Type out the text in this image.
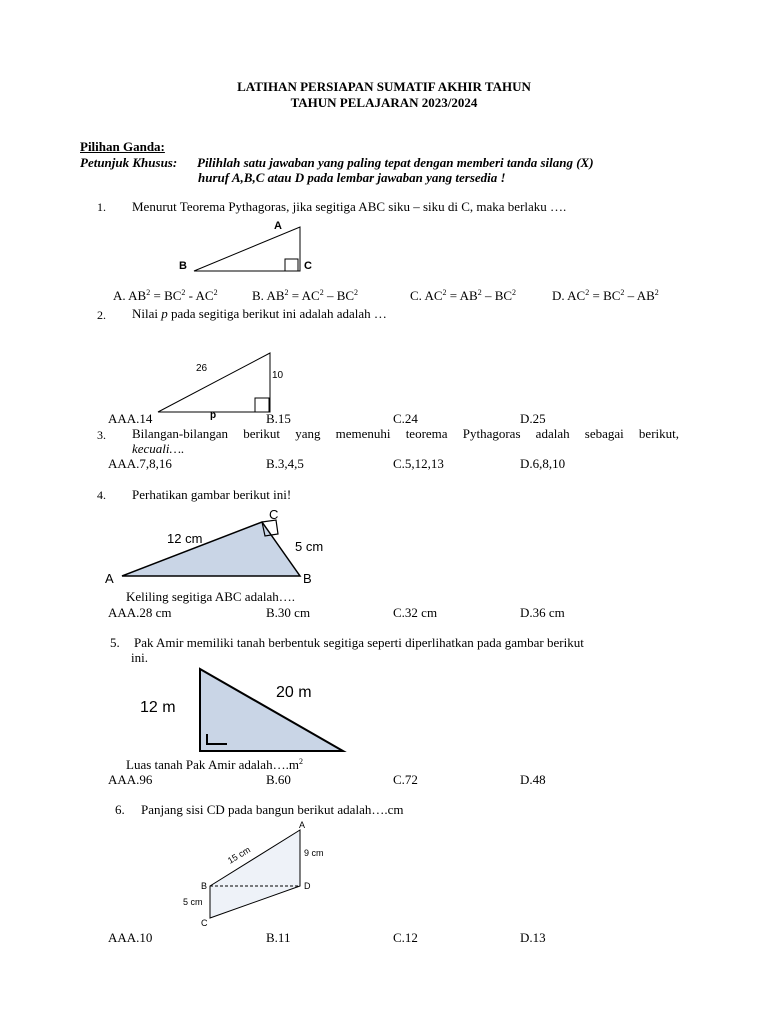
LATIHAN PERSIAPAN SUMATIF AKHIR TAHUN
TAHUN PELAJARAN 2023/2024
Pilihan Ganda:
Petunjuk Khusus: Pilihlah satu jawaban yang paling tepat dengan memberi tanda silang (X)
huruf A,B,C atau D pada lembar jawaban yang tersedia !
1. Menurut Teorema Pythagoras, jika segitiga ABC siku – siku di C, maka berlaku ….
A
B	C
A. $AB^2 = BC^2 - AC^2$	B. $AB^2 = AC^2 - BC^2$	C. $AC^2 = AB^2 - BC^2$	D. $AC^2 = BC^2 - AB^2$
2. Nilai p pada segitiga berikut ini adalah adalah …
26
10
p
AAA.14	B.15	C.24	D.25
3. Bilangan-bilangan berikut yang memenuhi teorema Pythagoras adalah sebagai berikut,
kecuali….
AAA.7,8,16	B.3,4,5	C.5,12,13	D.6,8,10
4. Perhatikan gambar berikut ini!
C
A	B
12 cm
5 cm
Keliling segitiga ABC adalah….
AAA.28 cm	B.30 cm	C.32 cm	D.36 cm
5. Pak Amir memiliki tanah berbentuk segitiga seperti diperlihatkan pada gambar berikut
ini.
12 m
20 m
Luas tanah Pak Amir $adalah\dots.m^2$
AAA.96	B.60	C.72	D.48
6. Panjang sisi CD pada bangun berikut adalah….cm
A
B
C
D
9 cm
5 cm
15 cm
AAA.10	B.11	C.12	D.13
